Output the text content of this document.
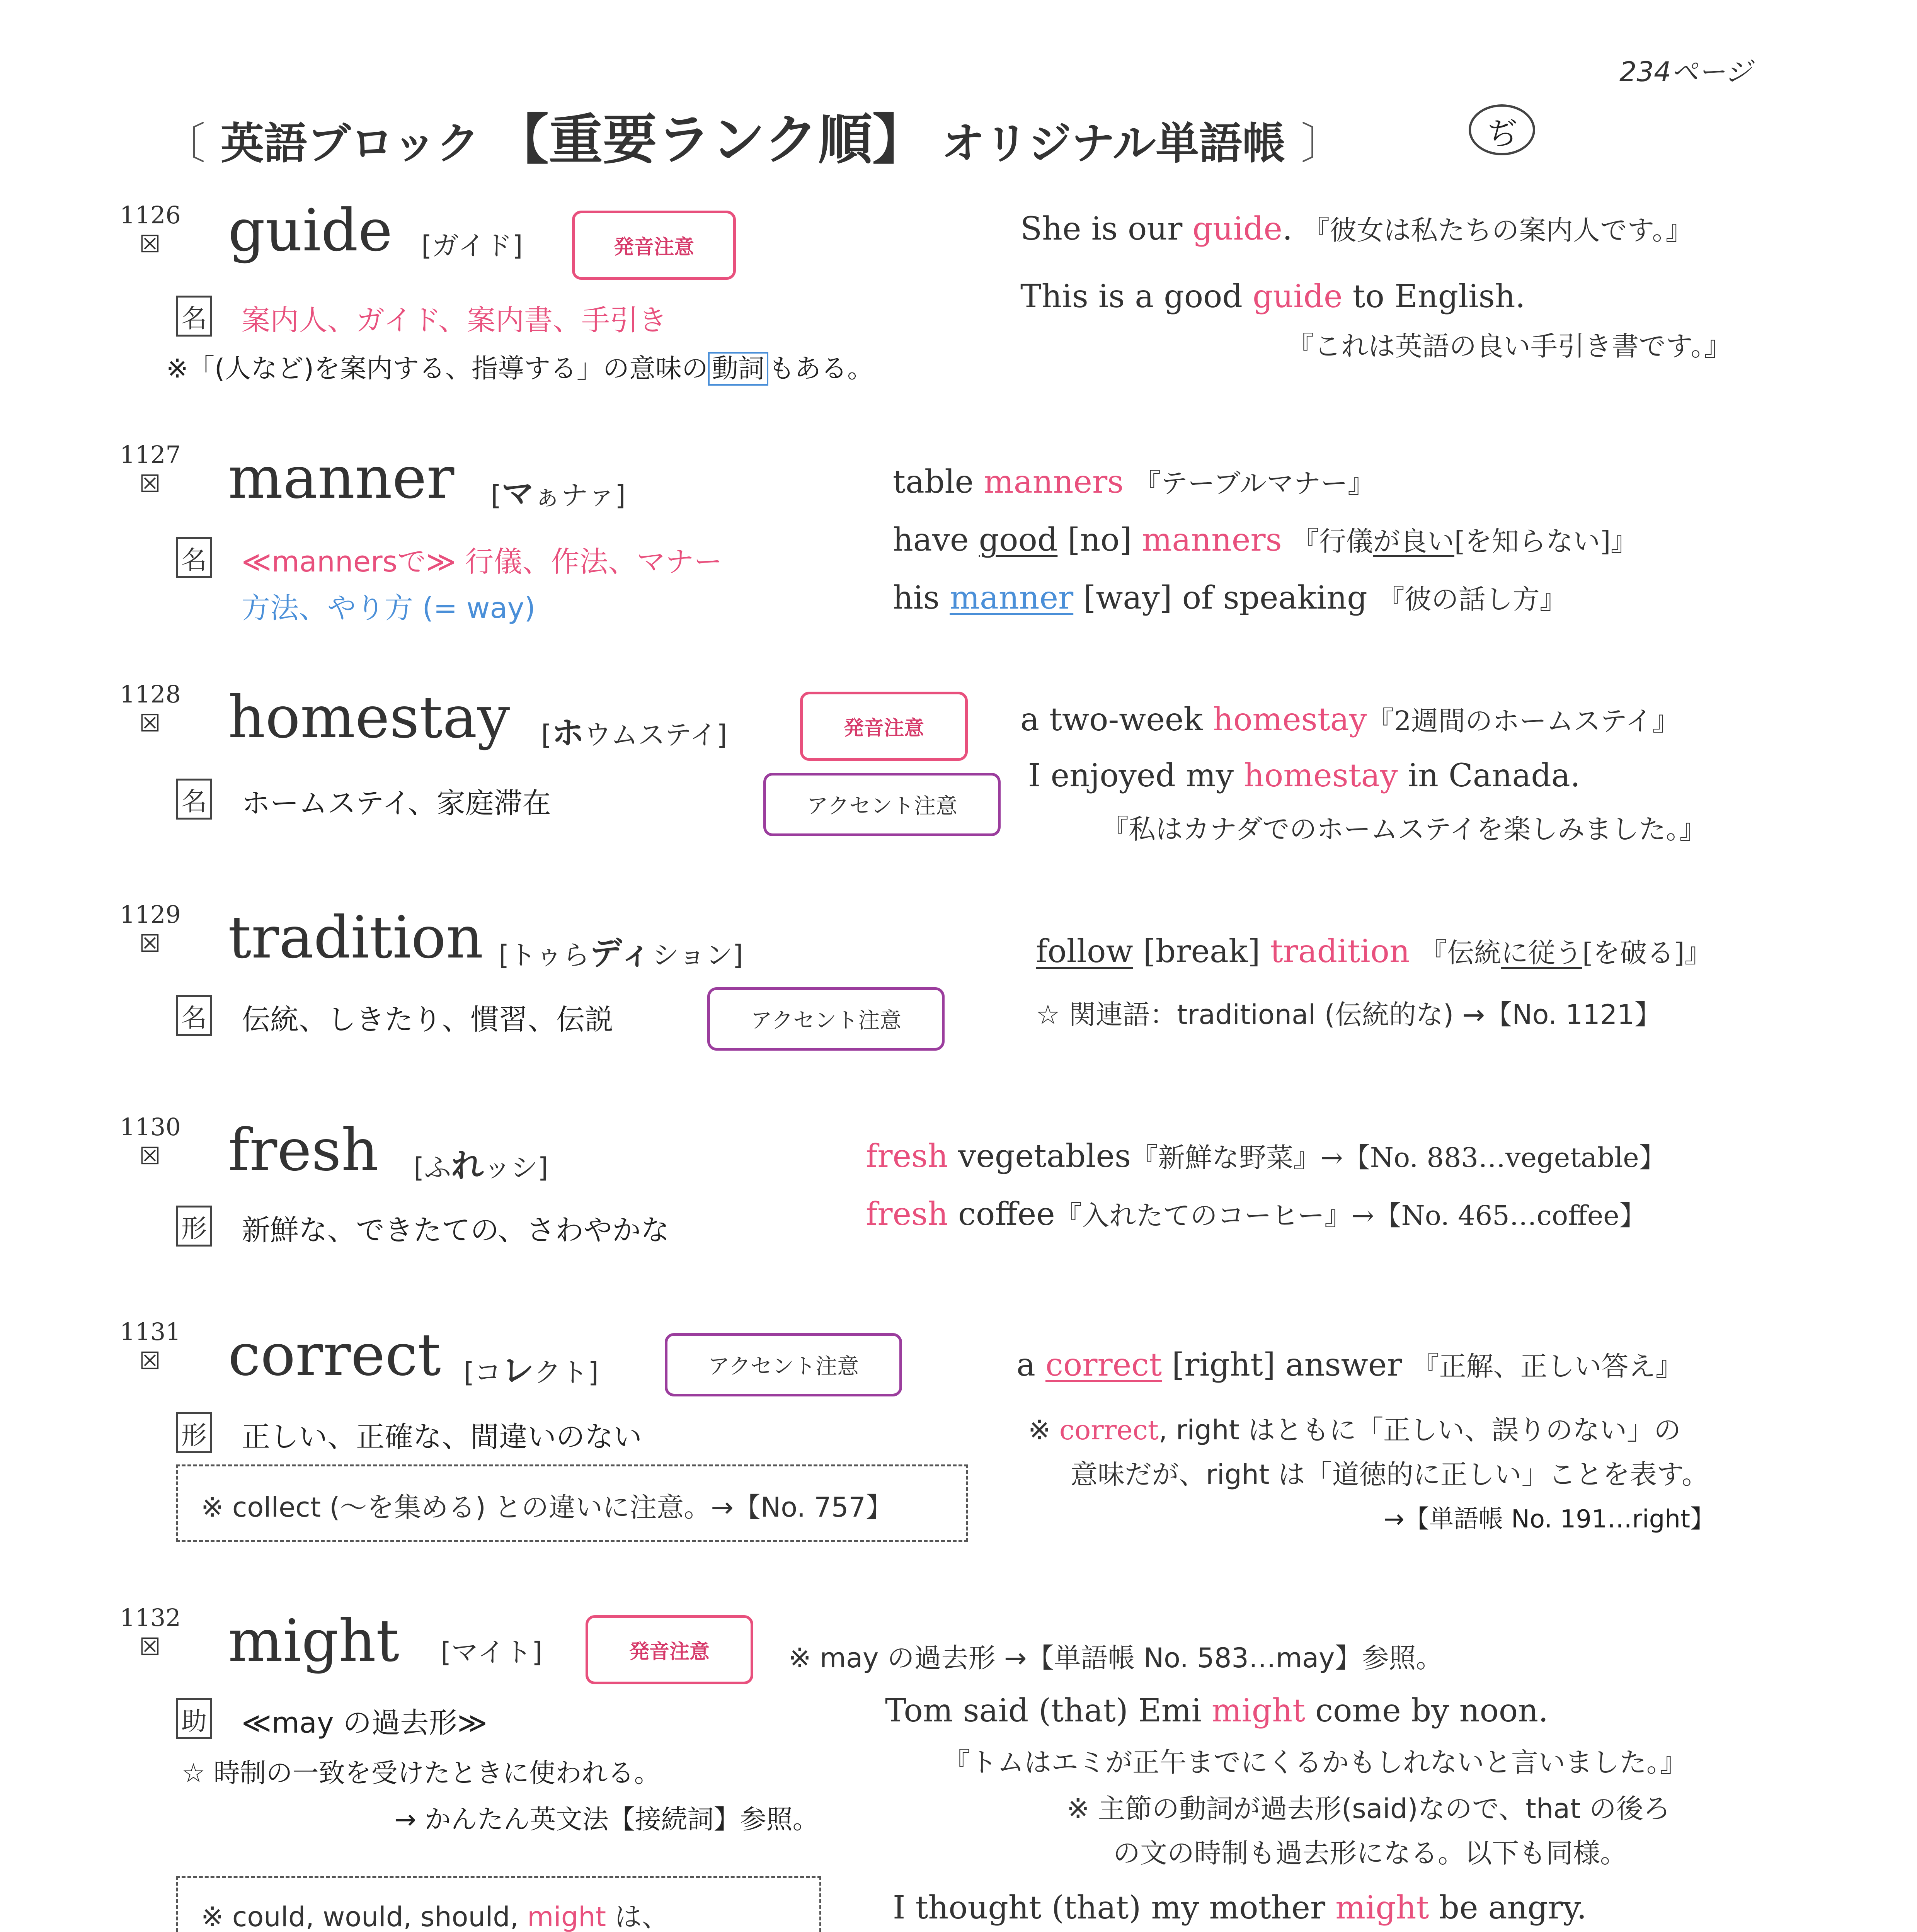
234ページ
〔 英語ブロック 【重要ランク順】 オリジナル単語帳 〕	ぢ
1126
☒ guide [ガイド]	発音注意
名 案内人、ガイド、案内書、手引き
※「(人など)を案内する、指導する」の意味の 動詞 もある。
She is our guide. 『彼女は私たちの案内人です。』
This is a good guide to English.
『これは英語の良い手引き書です。』
1127
☒ manner [マぁナァ]
名 ≪mannersで≫ 行儀、作法、マナー
方法、やり方 (= way)
table manners 『テーブルマナー』
have good [no] manners 『行儀が良い[を知らない]』
his manner [way] of speaking 『彼の話し方』
1128
☒ homestay [ホウムステイ]	発音注意
アクセント注意
名 ホームステイ、家庭滞在
a two-week homestay『2週間のホームステイ』
I enjoyed my homestay in Canada.
『私はカナダでのホームステイを楽しみました。』
1129
☒ tradition [トゥらディション]
名 伝統、しきたり、慣習、伝説	アクセント注意
follow [break] tradition 『伝統に従う[を破る]』
☆ 関連語：traditional (伝統的な) →【No. 1121】
1130
☒ fresh [ふれッシ]
形 新鮮な、できたての、さわやかな
fresh vegetables『新鮮な野菜』→【No. 883…vegetable】
fresh coffee『入れたてのコーヒー』→【No. 465…coffee】
1131
☒ correct [コレクト]	アクセント注意
形 正しい、正確な、間違いのない
※ collect (～を集める) との違いに注意。→【No. 757】
a correct [right] answer 『正解、正しい答え』
※ correct, right はともに「正しい、誤りのない」の
意味だが、right は「道徳的に正しい」ことを表す。
→【単語帳 No. 191…right】
1132
☒ might [マイト]	発音注意	※ may の過去形 →【単語帳 No. 583…may】参照。
助 ≪may の過去形≫
☆ 時制の一致を受けたときに使われる。
→ かんたん英文法【接続詞】参照。
※ could, would, should, might は、
Tom said (that) Emi might come by noon.
『トムはエミが正午までにくるかもしれないと言いました。』
※ 主節の動詞が過去形(said)なので、that の後ろ
の文の時制も過去形になる。以下も同様。
I thought (that) my mother might be angry.
